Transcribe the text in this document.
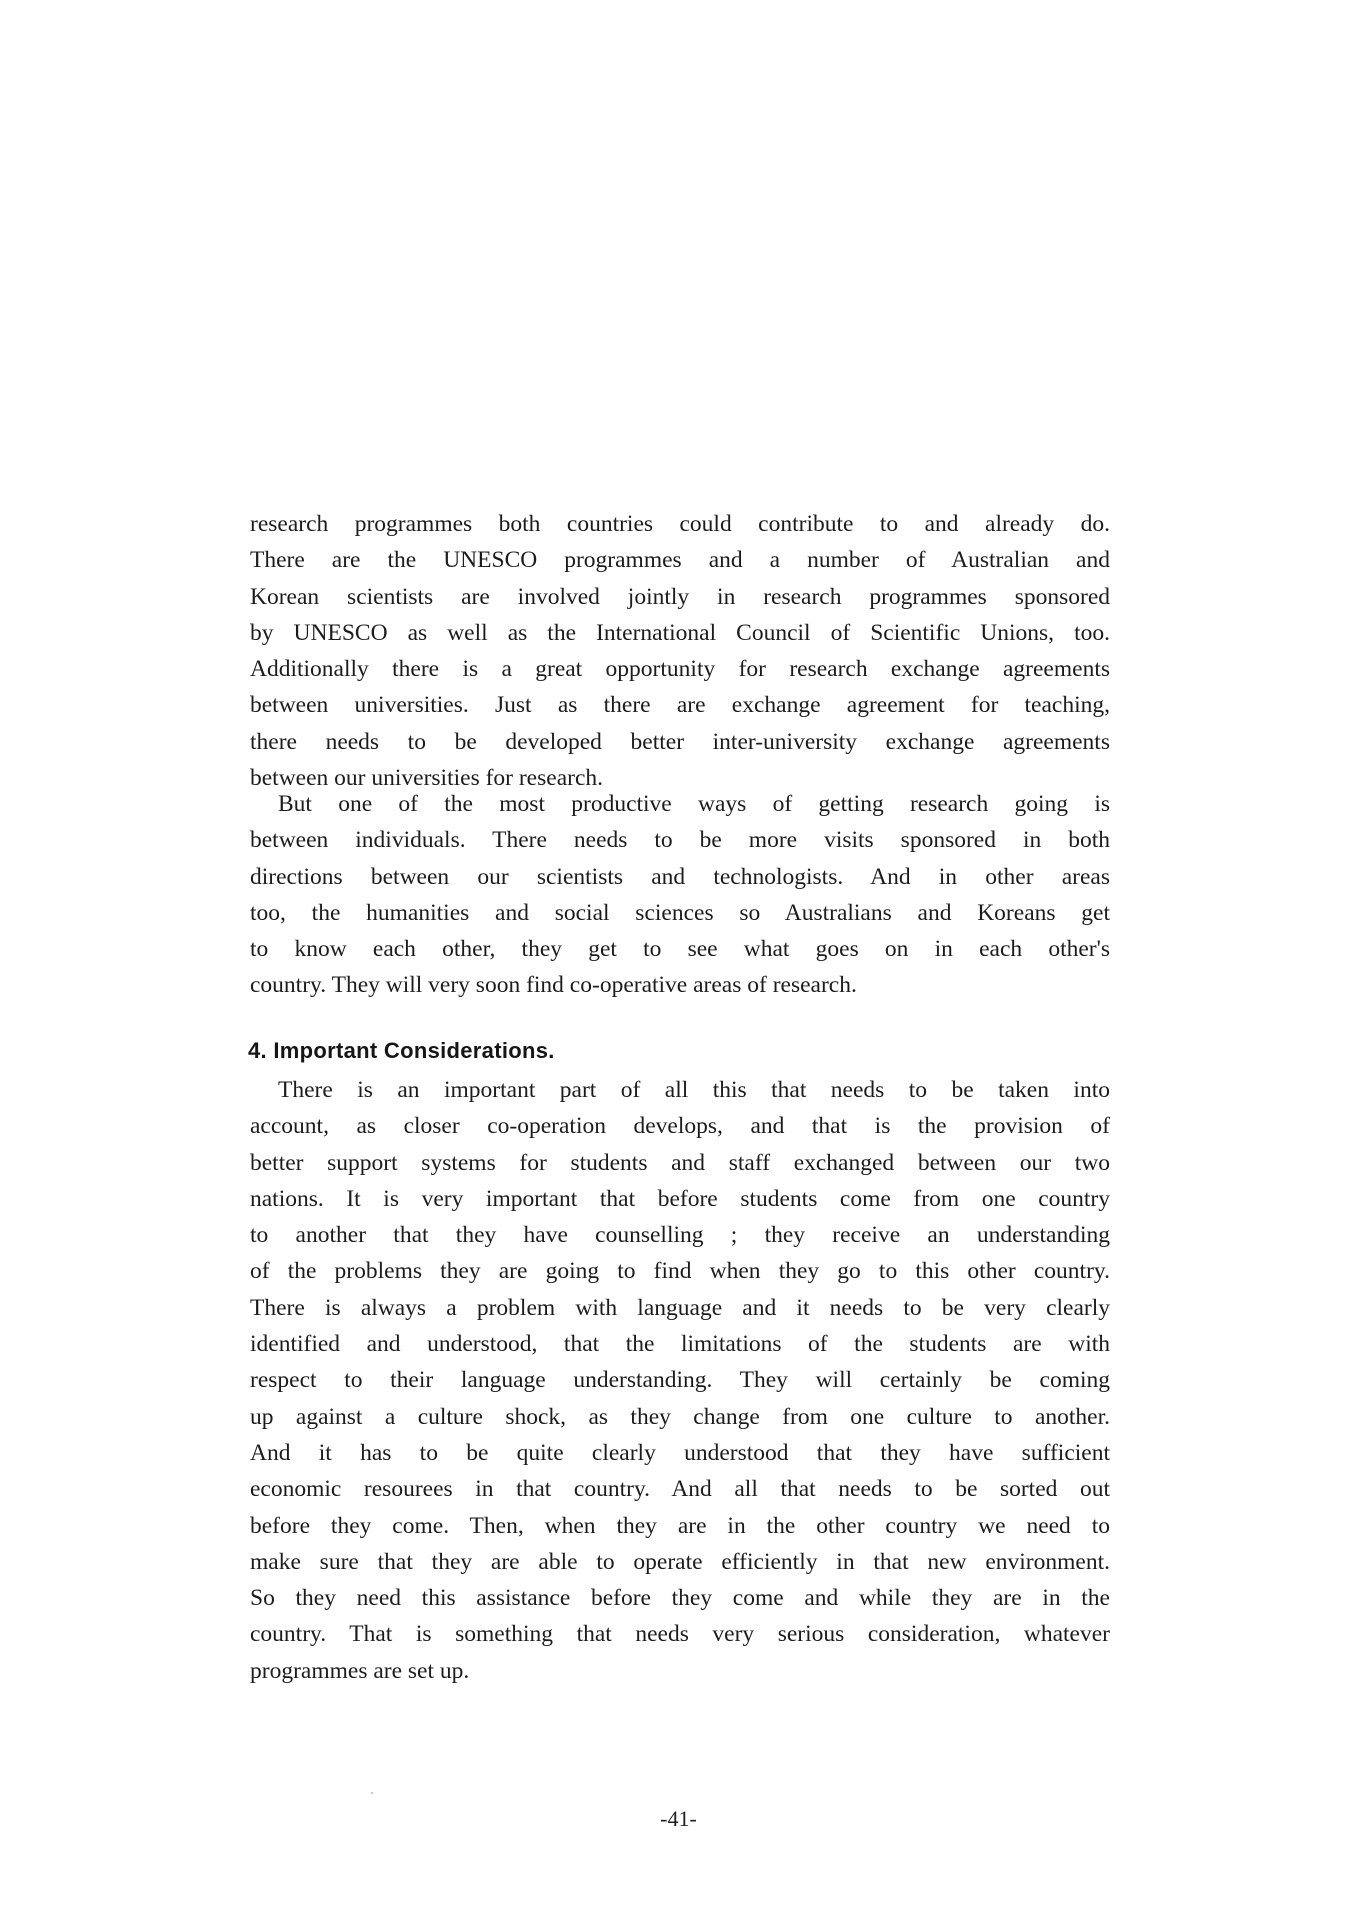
research programmes both countries could contribute to and already do.
There are the UNESCO programmes and a number of Australian and
Korean scientists are involved jointly in research programmes sponsored
by UNESCO as well as the International Council of Scientific Unions, too.
Additionally there is a great opportunity for research exchange agreements
between universities. Just as there are exchange agreement for teaching,
there needs to be developed better inter-university exchange agreements
between our universities for research.
But one of the most productive ways of getting research going is
between individuals. There needs to be more visits sponsored in both
directions between our scientists and technologists. And in other areas
too, the humanities and social sciences so Australians and Koreans get
to know each other, they get to see what goes on in each other's
country. They will very soon find co-operative areas of research.
4. Important Considerations.
There is an important part of all this that needs to be taken into
account, as closer co-operation develops, and that is the provision of
better support systems for students and staff exchanged between our two
nations. It is very important that before students come from one country
to another that they have counselling ; they receive an understanding
of the problems they are going to find when they go to this other country.
There is always a problem with language and it needs to be very clearly
identified and understood, that the limitations of the students are with
respect to their language understanding. They will certainly be coming
up against a culture shock, as they change from one culture to another.
And it has to be quite clearly understood that they have sufficient
economic resourees in that country. And all that needs to be sorted out
before they come. Then, when they are in the other country we need to
make sure that they are able to operate efficiently in that new environment.
So they need this assistance before they come and while they are in the
country. That is something that needs very serious consideration, whatever
programmes are set up.
-41-
